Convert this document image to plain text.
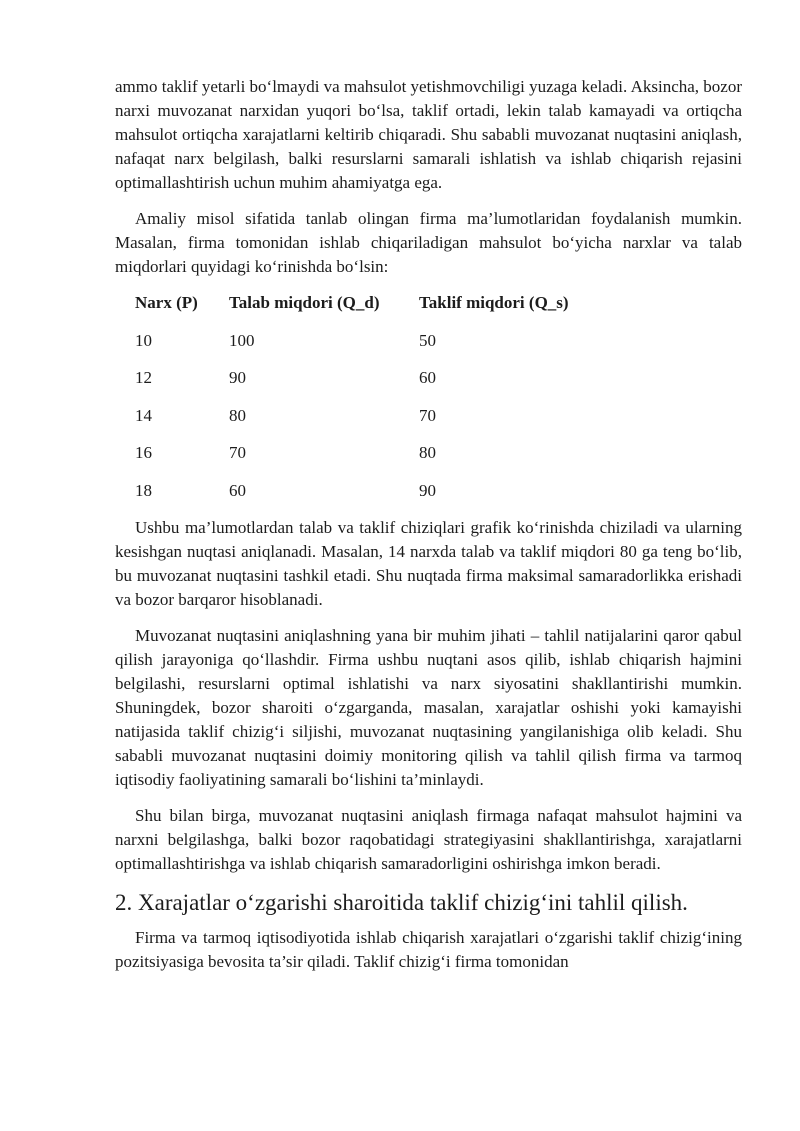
ammo taklif yetarli bo‘lmaydi va mahsulot yetishmovchiligi yuzaga keladi. Aksincha, bozor narxi muvozanat narxidan yuqori bo‘lsa, taklif ortadi, lekin talab kamayadi va ortiqcha mahsulot ortiqcha xarajatlarni keltirib chiqaradi. Shu sababli muvozanat nuqtasini aniqlash, nafaqat narx belgilash, balki resurslarni samarali ishlatish va ishlab chiqarish rejasini optimallashtirish uchun muhim ahamiyatga ega.

Amaliy misol sifatida tanlab olingan firma ma’lumotlaridan foydalanish mumkin. Masalan, firma tomonidan ishlab chiqariladigan mahsulot bo‘yicha narxlar va talab miqdorlari quyidagi ko‘rinishda bo‘lsin:

Narx (P)	Talab miqdori (Q_d)	Taklif miqdori (Q_s)
10	100	50
12	90	60
14	80	70
16	70	80
18	60	90

Ushbu ma’lumotlardan talab va taklif chiziqlari grafik ko‘rinishda chiziladi va ularning kesishgan nuqtasi aniqlanadi. Masalan, 14 narxda talab va taklif miqdori 80 ga teng bo‘lib, bu muvozanat nuqtasini tashkil etadi. Shu nuqtada firma maksimal samaradorlikka erishadi va bozor barqaror hisoblanadi.

Muvozanat nuqtasini aniqlashning yana bir muhim jihati – tahlil natijalarini qaror qabul qilish jarayoniga qo‘llashdir. Firma ushbu nuqtani asos qilib, ishlab chiqarish hajmini belgilashi, resurslarni optimal ishlatishi va narx siyosatini shakllantirishi mumkin. Shuningdek, bozor sharoiti o‘zgarganda, masalan, xarajatlar oshishi yoki kamayishi natijasida taklif chizig‘i siljishi, muvozanat nuqtasining yangilanishiga olib keladi. Shu sababli muvozanat nuqtasini doimiy monitoring qilish va tahlil qilish firma va tarmoq iqtisodiy faoliyatining samarali bo‘lishini ta’minlaydi.

Shu bilan birga, muvozanat nuqtasini aniqlash firmaga nafaqat mahsulot hajmini va narxni belgilashga, balki bozor raqobatidagi strategiyasini shakllantirishga, xarajatlarni optimallashtirishga va ishlab chiqarish samaradorligini oshirishga imkon beradi.

2. Xarajatlar o‘zgarishi sharoitida taklif chizig‘ini tahlil qilish.

Firma va tarmoq iqtisodiyotida ishlab chiqarish xarajatlari o‘zgarishi taklif chizig‘ining pozitsiyasiga bevosita ta’sir qiladi. Taklif chizig‘i firma tomonidan
